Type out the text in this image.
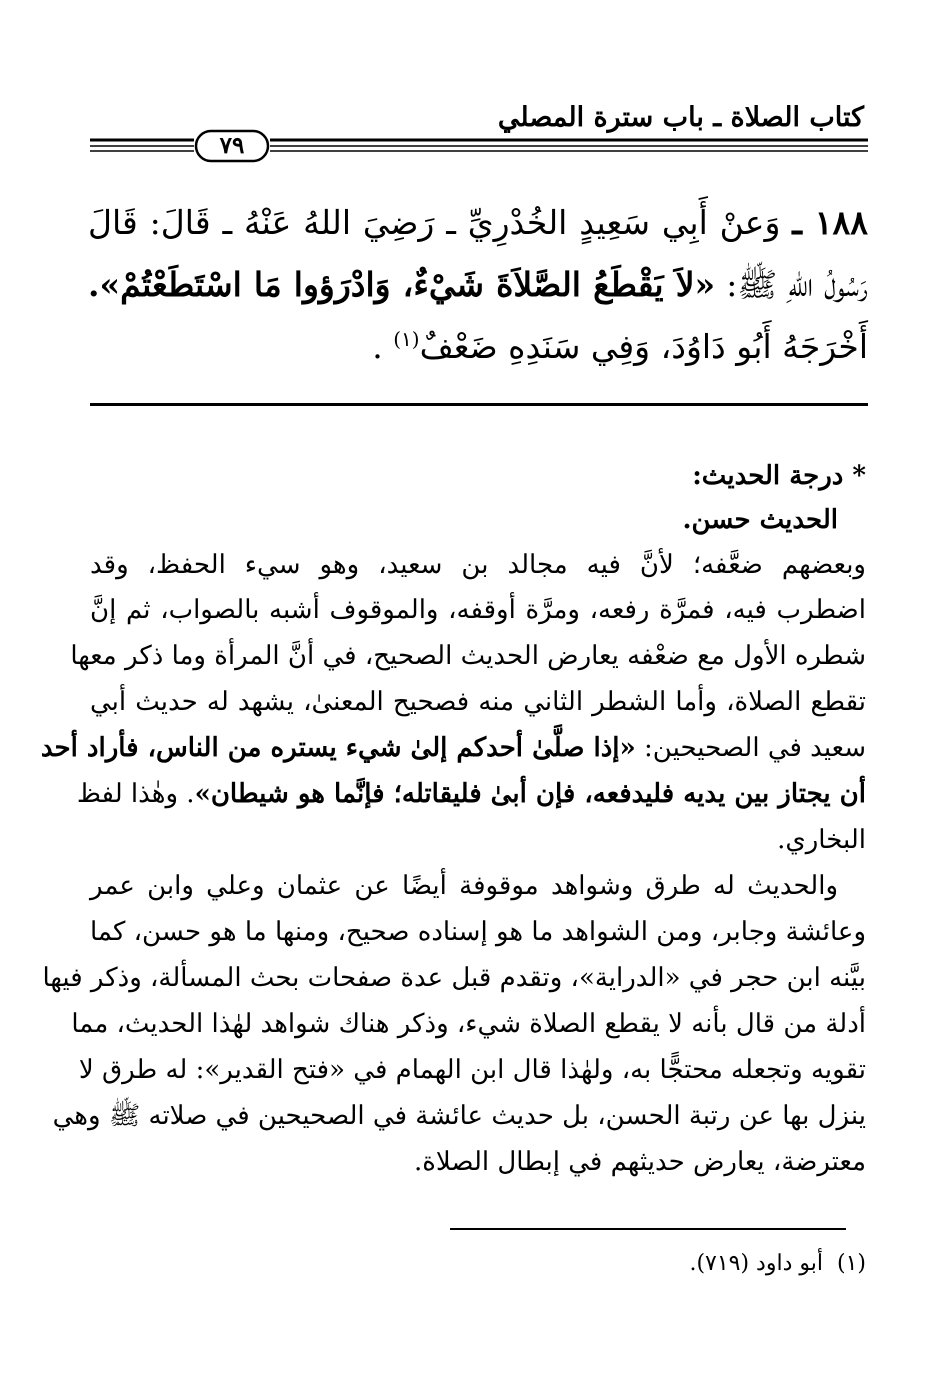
كتاب الصلاة ـ باب سترة المصلي
٧٩
١٨٨ ـ وَعنْ أَبِي سَعِيدٍ الخُدْرِيِّ ـ رَضِيَ اللهُ عَنْهُ ـ قَالَ: قَالَ
رَسُولُ اللهِ ﷺ: «لاَ يَقْطَعُ الصَّلاَةَ شَيْءٌ، وَادْرَؤوا مَا اسْتَطَعْتُمْ».
أَخْرَجَهُ أَبُو دَاوُدَ، وَفِي سَنَدِهِ ضَعْفٌ$^{(١)}$ .
* درجة الحديث:
الحديث حسن.
وبعضهم ضعَّفه؛ لأنَّ فيه مجالد بن سعيد، وهو سيء الحفظ، وقد
اضطرب فيه، فمرَّة رفعه، ومرَّة أوقفه، والموقوف أشبه بالصواب، ثم إنَّ
شطره الأول مع ضعْفه يعارض الحديث الصحيح، في أنَّ المرأة وما ذكر معها
تقطع الصلاة، وأما الشطر الثاني منه فصحيح المعنىٰ، يشهد له حديث أبي
سعيد في الصحيحين: «إذا صلَّىٰ أحدكم إلىٰ شيء يستره من الناس، فأراد أحد
أن يجتاز بين يديه فليدفعه، فإن أبىٰ فليقاتله؛ فإنَّما هو شيطان». وهٰذا لفظ
البخاري.
والحديث له طرق وشواهد موقوفة أيضًا عن عثمان وعلي وابن عمر
وعائشة وجابر، ومن الشواهد ما هو إسناده صحيح، ومنها ما هو حسن، كما
بيَّنه ابن حجر في «الدراية»، وتقدم قبل عدة صفحات بحث المسألة، وذكر فيها
أدلة من قال بأنه لا يقطع الصلاة شيء، وذكر هناك شواهد لهٰذا الحديث، مما
تقويه وتجعله محتجًّا به، ولهٰذا قال ابن الهمام في «فتح القدير»: له طرق لا
ينزل بها عن رتبة الحسن، بل حديث عائشة في الصحيحين في صلاته ﷺ وهي
معترضة، يعارض حديثهم في إبطال الصلاة.
(١)  أبو داود (٧١٩).
